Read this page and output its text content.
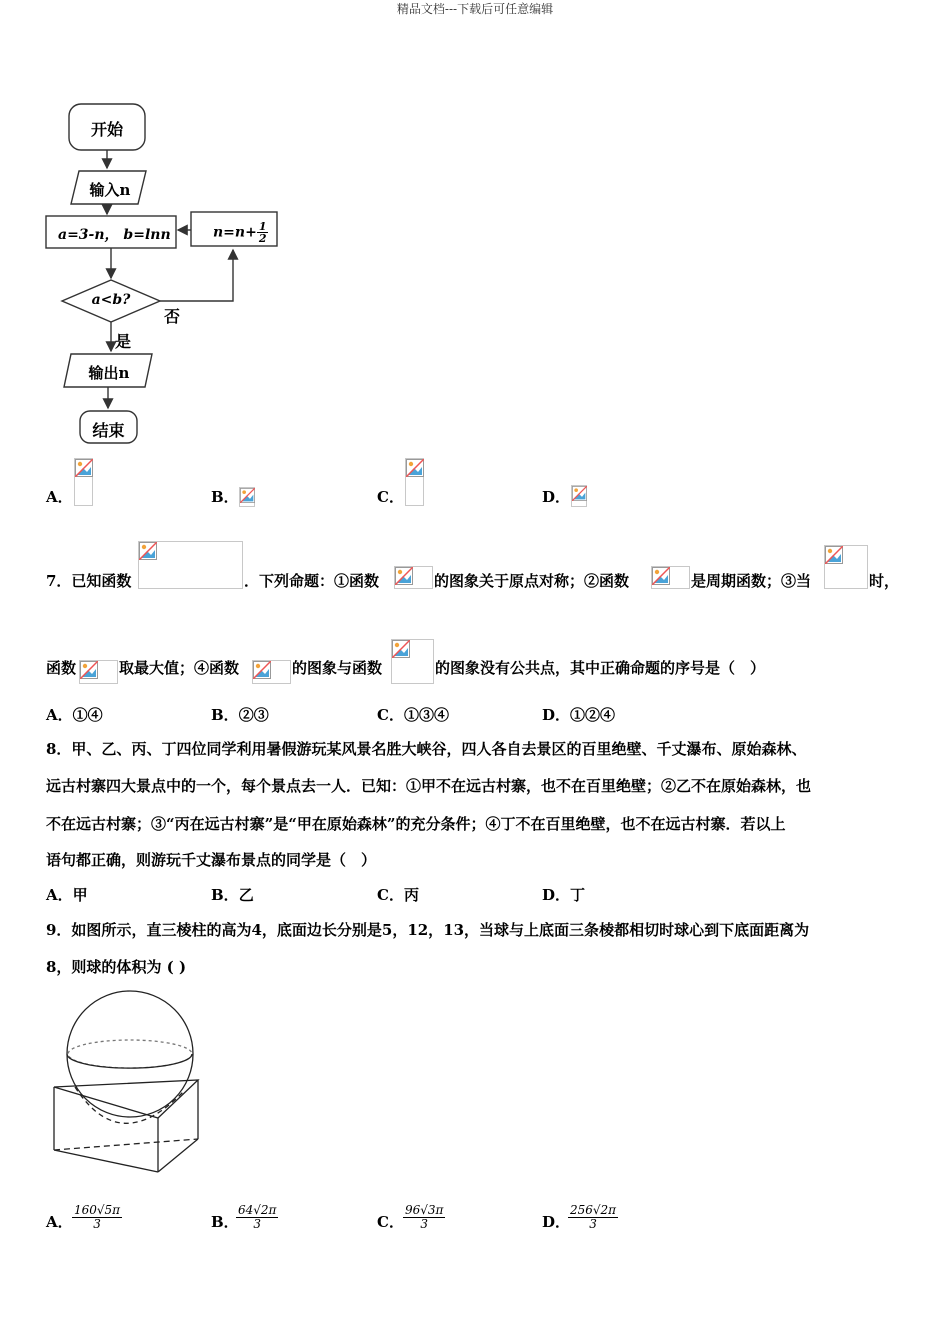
精品文档---下载后可任意编辑
开始
输入n
a=3-n， b=lnn	$n=n+ \frac{1}{2}$
a<b?
否
是
输出n
结束
A．	B．	C．	D．
7．已知函数	．下列命题：①函数	的图象关于原点对称；②函数	是周期函数；③当	时，
函数	取最大值；④函数	的图象与函数	的图象没有公共点，其中正确命题的序号是（　）
A．①④	B．②③	C．①③④	D．①②④
8．甲、乙、丙、丁四位同学利用暑假游玩某风景名胜大峡谷，四人各自去景区的百里绝壁、千丈瀑布、原始森林、
远古村寨四大景点中的一个，每个景点去一人．已知：①甲不在远古村寨，也不在百里绝壁；②乙不在原始森林，也
不在远古村寨；③“丙在远古村寨”是“甲在原始森林”的充分条件；④丁不在百里绝壁，也不在远古村寨．若以上
语句都正确，则游玩千丈瀑布景点的同学是（　）
A．甲	B．乙	C．丙	D．丁
9．如图所示，直三棱柱的高为4，底面边长分别是5，12，13，当球与上底面三条棱都相切时球心到下底面距离为
8，则球的体积为 ( )
A． $\frac{160√5\pi}{3}$	B．
$\frac{64√2\pi}{3}$	C． $\frac{96√3\pi}{3}$	D．
$\frac{256√2\pi}{3}$
